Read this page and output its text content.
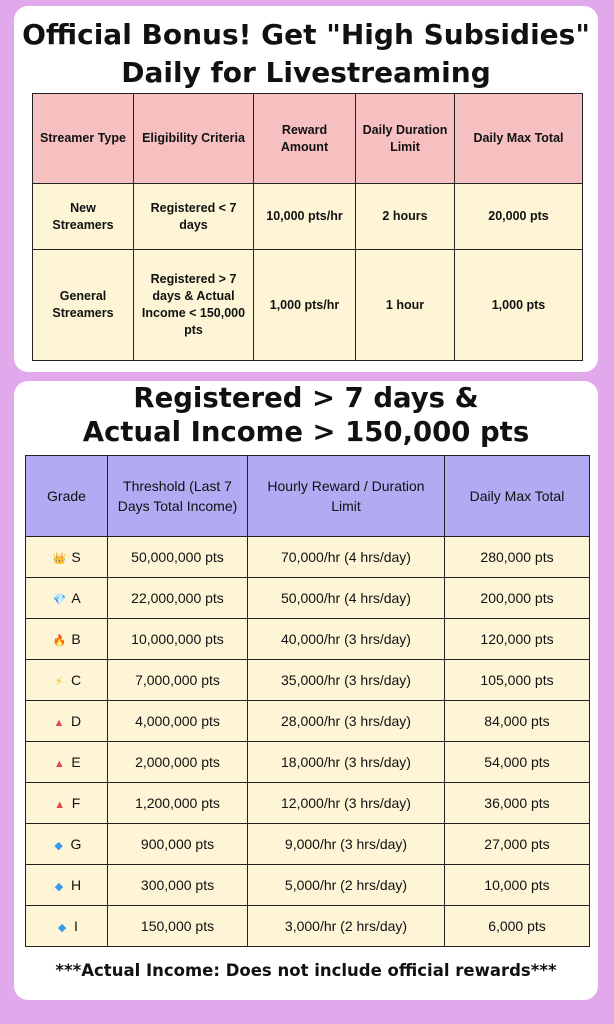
Official Bonus! Get "High Subsidies"
Daily for Livestreaming
Streamer Type	Eligibility Criteria	Reward Amount	Daily Duration Limit	Daily Max Total
New Streamers	Registered < 7 days	10,000 pts/hr	2 hours	20,000 pts
General Streamers	Registered > 7 days & Actual Income < 150,000 pts	1,000 pts/hr	1 hour	1,000 pts
Registered > 7 days &
Actual Income > 150,000 pts
Grade	Threshold (Last 7 Days Total Income)	Hourly Reward / Duration Limit	Daily Max Total
👑 S	50,000,000 pts	70,000/hr (4 hrs/day)	280,000 pts
💎 A	22,000,000 pts	50,000/hr (4 hrs/day)	200,000 pts
🔥 B	10,000,000 pts	40,000/hr (3 hrs/day)	120,000 pts
⚡ C	7,000,000 pts	35,000/hr (3 hrs/day)	105,000 pts
▲ D	4,000,000 pts	28,000/hr (3 hrs/day)	84,000 pts
▲ E	2,000,000 pts	18,000/hr (3 hrs/day)	54,000 pts
▲ F	1,200,000 pts	12,000/hr (3 hrs/day)	36,000 pts
◆ G	900,000 pts	9,000/hr (3 hrs/day)	27,000 pts
◆ H	300,000 pts	5,000/hr (2 hrs/day)	10,000 pts
◆ I	150,000 pts	3,000/hr (2 hrs/day)	6,000 pts
***Actual Income: Does not include official rewards***
